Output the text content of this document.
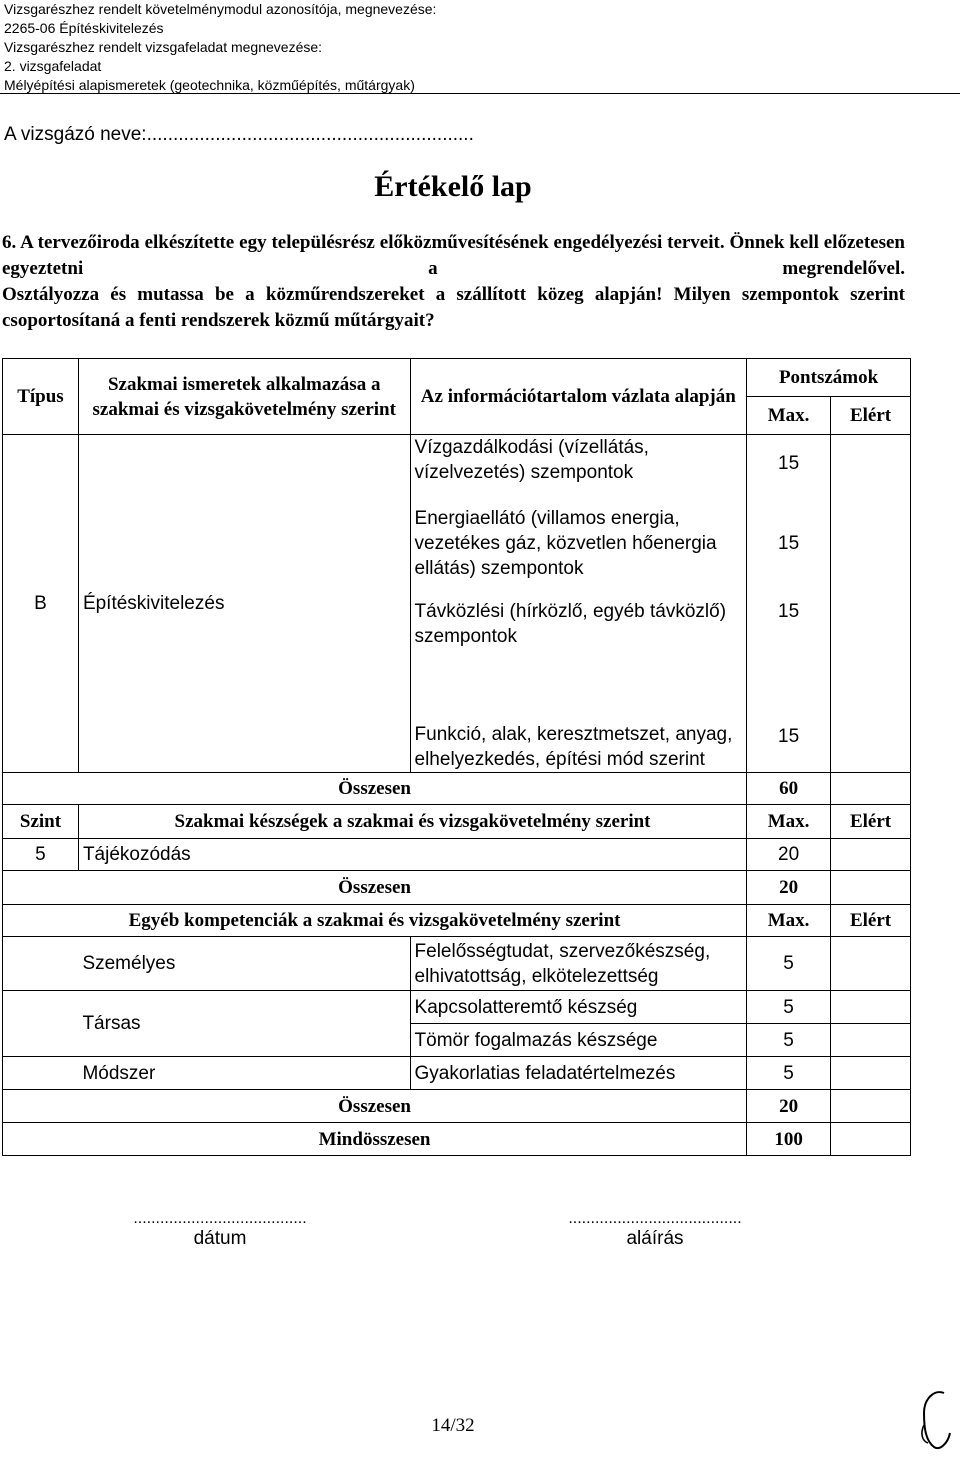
Vizsgarészhez rendelt követelménymodul azonosítója, megnevezése:
2265-06 Építéskivitelezés
Vizsgarészhez rendelt vizsgafeladat megnevezése:
2. vizsgafeladat
Mélyépítési alapismeretek (geotechnika, közműépítés, műtárgyak)
A vizsgázó neve:..............................................................
Értékelő lap

6. A tervezőiroda elkészítette egy településrész előközművesítésének engedélyezési terveit. Önnek kell előzetesen egyeztetni a megrendelővel.

Osztályozza és mutassa be a közműrendszereket a szállított közeg alapján! Milyen szempontok szerint csoportosítaná a fenti rendszerek közmű műtárgyait?

Típus	Szakmai ismeretek alkalmazása a szakmai és vizsgakövetelmény szerint	Az információtartalom vázlata alapján	Pontszámok	
			Max.	Elért
B	Építéskivitelezés	Vízgazdálkodási (vízellátás, vízelvezetés) szempontok	15	
		Energiaellátó (villamos energia, vezetékes gáz, közvetlen hőenergia ellátás) szempontok	15	
		Távközlési (hírközlő, egyéb távközlő) szempontok	15	
		Funkció, alak, keresztmetszet, anyag, elhelyezkedés, építési mód szerint	15	
Összesen			60	
Szint	Szakmai készségek a szakmai és vizsgakövetelmény szerint		Max.	Elért
5	Tájékozódás		20	
Összesen			20	
Egyéb kompetenciák a szakmai és vizsgakövetelmény szerint			Max.	Elért
	Személyes	Felelősségtudat, szervezőkészség, elhivatottság, elkötelezettség	5	
	Társas	Kapcsolatteremtő készség	5	
		Tömör fogalmazás készsége	5	
	Módszer	Gyakorlatias feladatértelmezés	5	
Összesen			20	
Mindösszesen			100	
.......................................
dátum
.......................................
aláírás
14/32
